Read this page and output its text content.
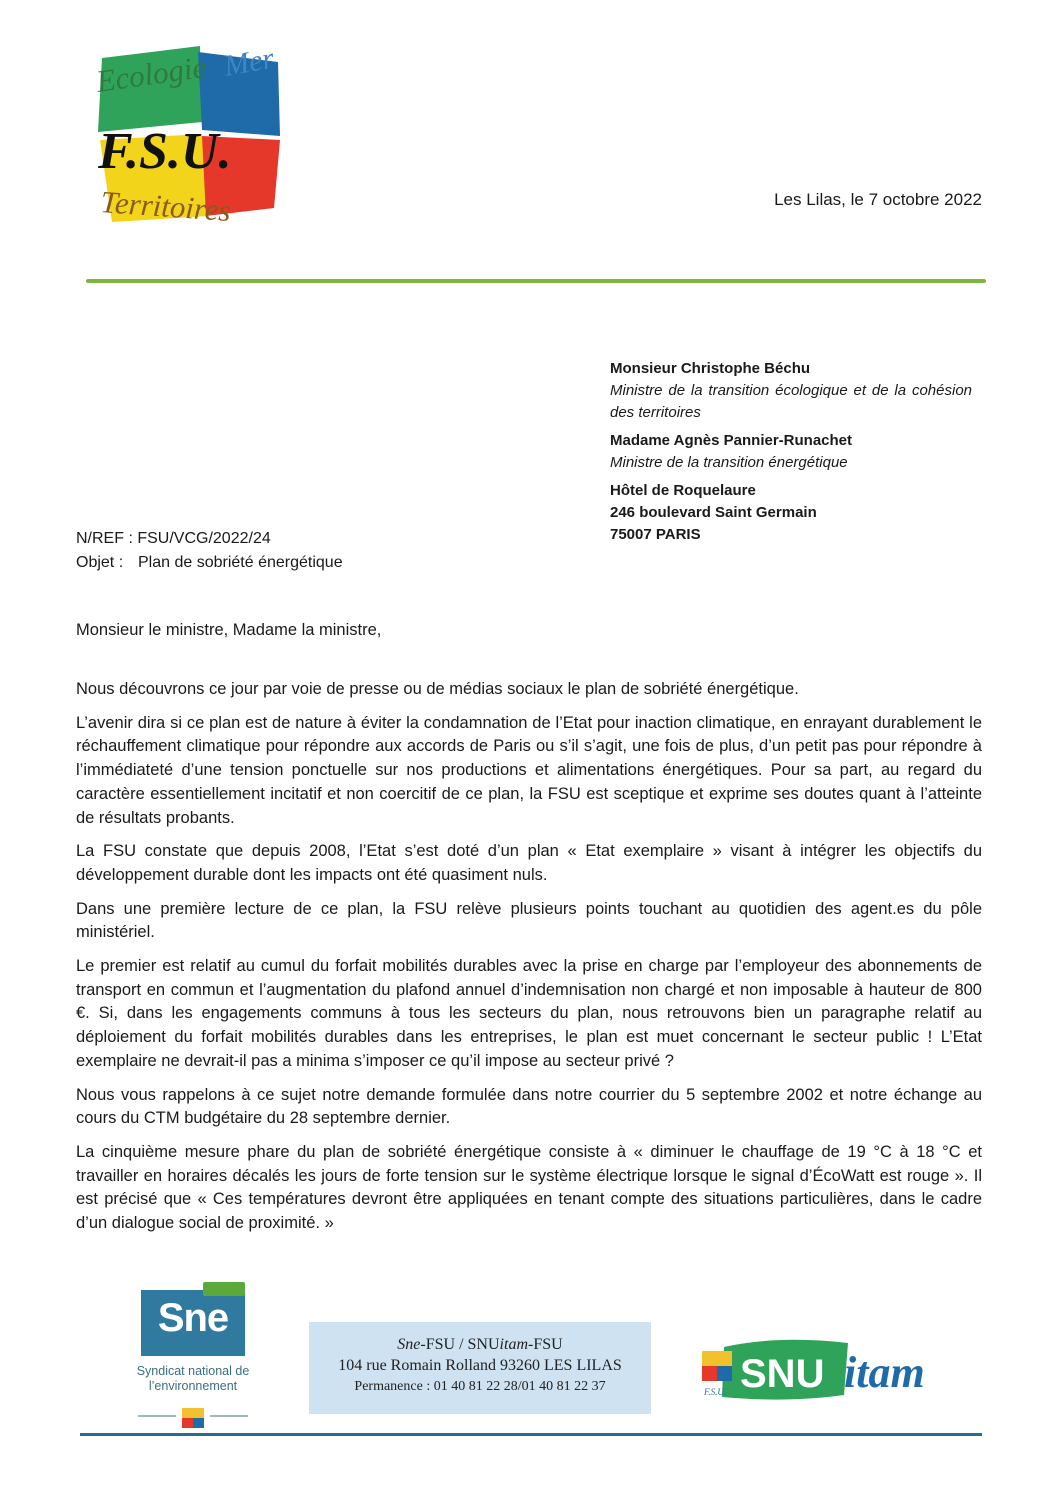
Ecologie Mer
F.S.U.
Territoires	Les Lilas, le 7 octobre 2022
Monsieur Christophe Béchu
Ministre de la transition écologique et de la cohésion des territoires
Madame Agnès Pannier-Runachet
Ministre de la transition énergétique
Hôtel de Roquelaure
246 boulevard Saint Germain
75007 PARIS
N/REF : FSU/VCG/2022/24
Objet : Plan de sobriété énergétique
Monsieur le ministre, Madame la ministre,

Nous découvrons ce jour par voie de presse ou de médias sociaux le plan de sobriété énergétique.

L’avenir dira si ce plan est de nature à éviter la condamnation de l’Etat pour inaction climatique, en enrayant durablement le réchauffement climatique pour répondre aux accords de Paris ou s’il s’agit, une fois de plus, d’un petit pas pour répondre à l’immédiateté d’une tension ponctuelle sur nos productions et alimentations énergétiques. Pour sa part, au regard du caractère essentiellement incitatif et non coercitif de ce plan, la FSU est sceptique et exprime ses doutes quant à l’atteinte de résultats probants.

La FSU constate que depuis 2008, l’Etat s’est doté d’un plan « Etat exemplaire » visant à intégrer les objectifs du développement durable dont les impacts ont été quasiment nuls.

Dans une première lecture de ce plan, la FSU relève plusieurs points touchant au quotidien des agent.es du pôle ministériel.

Le premier est relatif au cumul du forfait mobilités durables avec la prise en charge par l’employeur des abonnements de transport en commun et l’augmentation du plafond annuel d’indemnisation non chargé et non imposable à hauteur de 800 €. Si, dans les engagements communs à tous les secteurs du plan, nous retrouvons bien un paragraphe relatif au déploiement du forfait mobilités durables dans les entreprises, le plan est muet concernant le secteur public ! L’Etat exemplaire ne devrait-il pas a minima s’imposer ce qu’il impose au secteur privé ?

Nous vous rappelons à ce sujet notre demande formulée dans notre courrier du 5 septembre 2002 et notre échange au cours du CTM budgétaire du 28 septembre dernier.

La cinquième mesure phare du plan de sobriété énergétique consiste à « diminuer le chauffage de 19 °C à 18 °C et travailler en horaires décalés les jours de forte tension sur le système électrique lorsque le signal d’ÉcoWatt est rouge ». Il est précisé que « Ces températures devront être appliquées en tenant compte des situations particulières, dans le cadre d’un dialogue social de proximité. »

Sne
Syndicat national de
l’environnement
Sne-FSU / SNUitam-FSU
104 rue Romain Rolland 93260 LES LILAS
Permanence : 01 40 81 22 28/01 40 81 22 37	F.S.U. SNU itam
